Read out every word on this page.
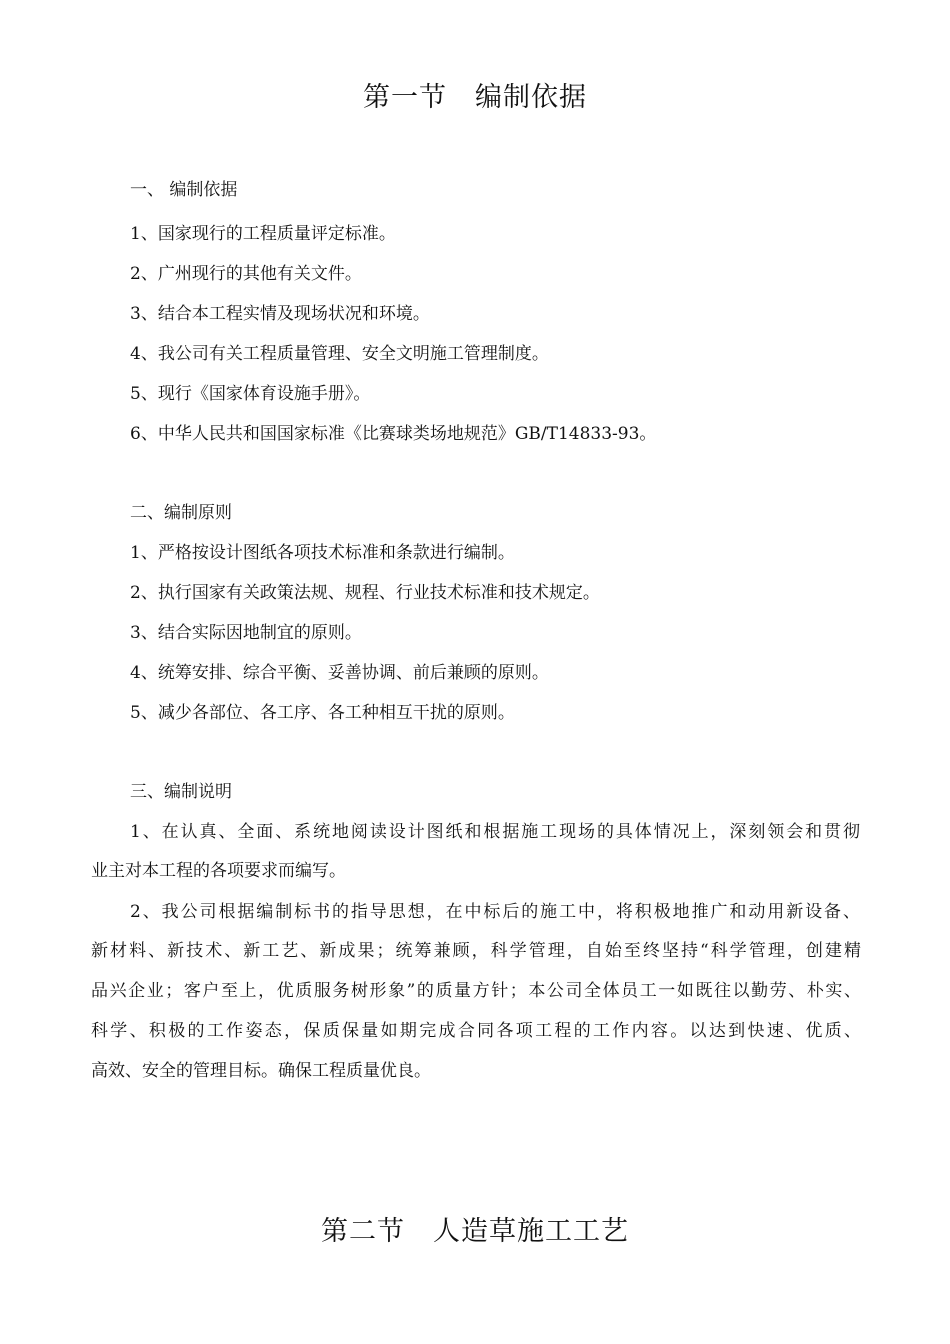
第一节　编制依据
一、 编制依据
1、国家现行的工程质量评定标准。
2、广州现行的其他有关文件。
3、结合本工程实情及现场状况和环境。
4、我公司有关工程质量管理、安全文明施工管理制度。
5、现行《国家体育设施手册》。
6、中华人民共和国国家标准《比赛球类场地规范》GB/T14833-93。
二、编制原则
1、严格按设计图纸各项技术标准和条款进行编制。
2、执行国家有关政策法规、规程、行业技术标准和技术规定。
3、结合实际因地制宜的原则。
4、统筹安排、综合平衡、妥善协调、前后兼顾的原则。
5、减少各部位、各工序、各工种相互干扰的原则。
三、编制说明
1、在认真、全面、系统地阅读设计图纸和根据施工现场的具体情况上，深刻领会和贯彻
业主对本工程的各项要求而编写。
2、我公司根据编制标书的指导思想，在中标后的施工中，将积极地推广和动用新设备、
新材料、新技术、新工艺、新成果；统筹兼顾，科学管理，自始至终坚持“科学管理，创建精
品兴企业；客户至上，优质服务树形象”的质量方针；本公司全体员工一如既往以勤劳、朴实、
科学、积极的工作姿态，保质保量如期完成合同各项工程的工作内容。以达到快速、优质、
高效、安全的管理目标。确保工程质量优良。
第二节　人造草施工工艺
